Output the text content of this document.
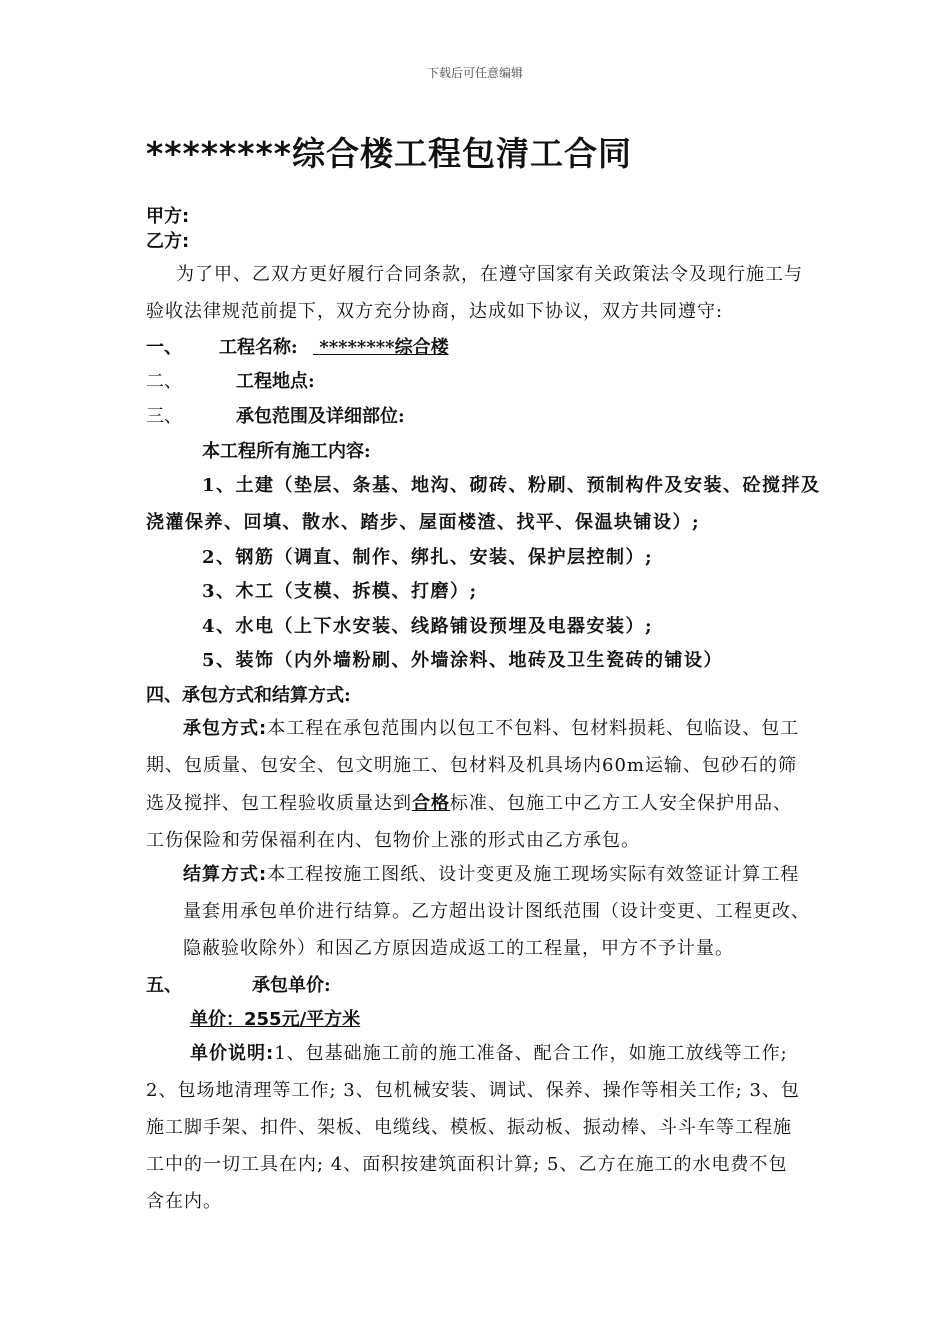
下载后可任意编辑
********综合楼工程包清工合同
甲方:
乙方:
为了甲、乙双方更好履行合同条款，在遵守国家有关政策法令及现行施工与
验收法律规范前提下，双方充分协商，达成如下协议，双方共同遵守:
一、 工程名称:	********综合楼
二、	工程地点:
三、	承包范围及详细部位:
本工程所有施工内容:
1、土建（垫层、条基、地沟、砌砖、粉刷、预制构件及安装、砼搅拌及
浇灌保养、回填、散水、踏步、屋面楼渣、找平、保温块铺设）;
2、钢筋（调直、制作、绑扎、安装、保护层控制）;
3、木工（支模、拆模、打磨）;
4、水电（上下水安装、线路铺设预埋及电器安装）;
5、装饰（内外墙粉刷、外墙涂料、地砖及卫生瓷砖的铺设）
四、承包方式和结算方式:
承包方式:本工程在承包范围内以包工不包料、包材料损耗、包临设、包工
期、包质量、包安全、包文明施工、包材料及机具场内60m运输、包砂石的筛
选及搅拌、包工程验收质量达到合格标准、包施工中乙方工人安全保护用品、
工伤保险和劳保福利在内、包物价上涨的形式由乙方承包。
结算方式:本工程按施工图纸、设计变更及施工现场实际有效签证计算工程
量套用承包单价进行结算。乙方超出设计图纸范围（设计变更、工程更改、
隐蔽验收除外）和因乙方原因造成返工的工程量，甲方不予计量。
五、	承包单价:
单价：255元/平方米
单价说明:1、包基础施工前的施工准备、配合工作，如施工放线等工作;
2、包场地清理等工作; 3、包机械安装、调试、保养、操作等相关工作; 3、包
施工脚手架、扣件、架板、电缆线、模板、振动板、振动棒、斗斗车等工程施
工中的一切工具在内; 4、面积按建筑面积计算; 5、乙方在施工的水电费不包
含在内。
